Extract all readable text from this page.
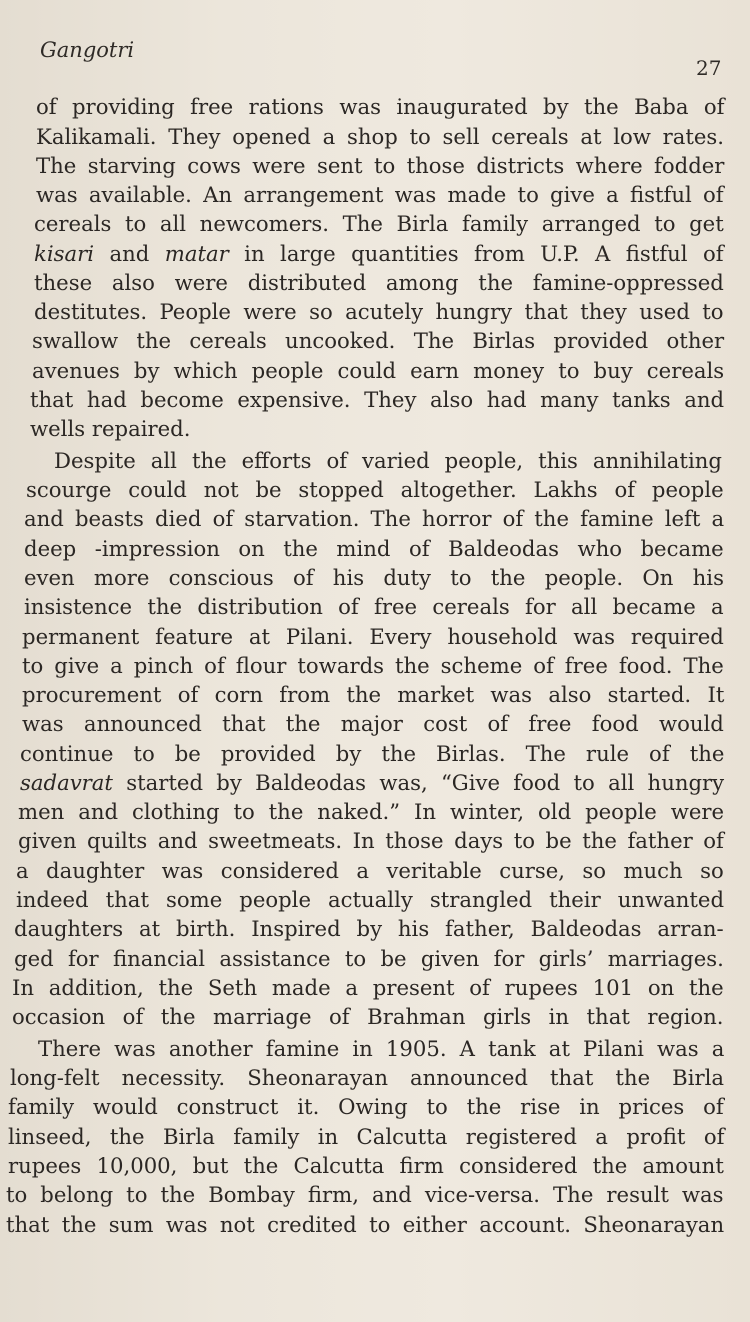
Gangotri
27
of providing free rations was inaugurated by the Baba of
Kalikamali. They opened a shop to sell cereals at low rates.
The starving cows were sent to those districts where fodder
was available. An arrangement was made to give a fistful of
cereals to all newcomers. The Birla family arranged to get
kisari and matar in large quantities from U.P. A fistful of
these also were distributed among the famine-oppressed
destitutes. People were so acutely hungry that they used to
swallow the cereals uncooked. The Birlas provided other
avenues by which people could earn money to buy cereals
that had become expensive. They also had many tanks and
wells repaired.
Despite all the efforts of varied people, this annihilating
scourge could not be stopped altogether. Lakhs of people
and beasts died of starvation. The horror of the famine left a
deep -impression on the mind of Baldeodas who became
even more conscious of his duty to the people. On his
insistence the distribution of free cereals for all became a
permanent feature at Pilani. Every household was required
to give a pinch of flour towards the scheme of free food. The
procurement of corn from the market was also started. It
was announced that the major cost of free food would
continue to be provided by the Birlas. The rule of the
sadavrat started by Baldeodas was, “Give food to all hungry
men and clothing to the naked.” In winter, old people were
given quilts and sweetmeats. In those days to be the father of
a daughter was considered a veritable curse, so much so
indeed that some people actually strangled their unwanted
daughters at birth. Inspired by his father, Baldeodas arran-
ged for financial assistance to be given for girls’ marriages.
In addition, the Seth made a present of rupees 101 on the
occasion of the marriage of Brahman girls in that region.
There was another famine in 1905. A tank at Pilani was a
long-felt necessity. Sheonarayan announced that the Birla
family would construct it. Owing to the rise in prices of
linseed, the Birla family in Calcutta registered a profit of
rupees 10,000, but the Calcutta firm considered the amount
to belong to the Bombay firm, and vice-versa. The result was
that the sum was not credited to either account. Sheonarayan
